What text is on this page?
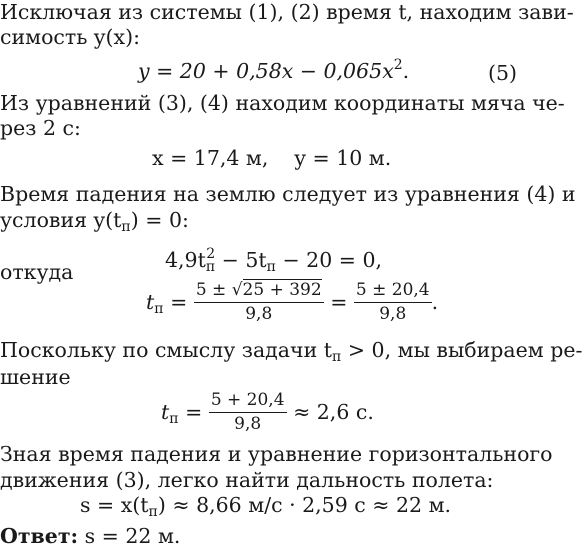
Исключая из системы (1), (2) время t, находим зави-
симость y(x):
$y = 20 + 0,58x - 0,065x^2$.	(5)
Из уравнений (3), (4) находим координаты мяча че-
рез 2 с:
x = 17,4 м, y = 10 м.
Время падения на землю следует из уравнения (4) и
условия y(tп) = 0:
$4,9tп^2 - 5tп - 20 = 0$,
откуда
tп = $\frac{5 \pm √25 + 392}{9,8} = \frac{5 \pm 20,4}{9,8}$ .
Поскольку по смыслу задачи tп > 0, мы выбираем ре-
шение
tп = $\frac{5 + 20,4}{9,8} \approx 2,6$ с.
Зная время падения и уравнение горизонтального
движения (3), легко найти дальность полета:
s = x(tп) ≈ 8,66 м/с · 2,59 с ≈ 22 м.
Ответ: s = 22 м.
